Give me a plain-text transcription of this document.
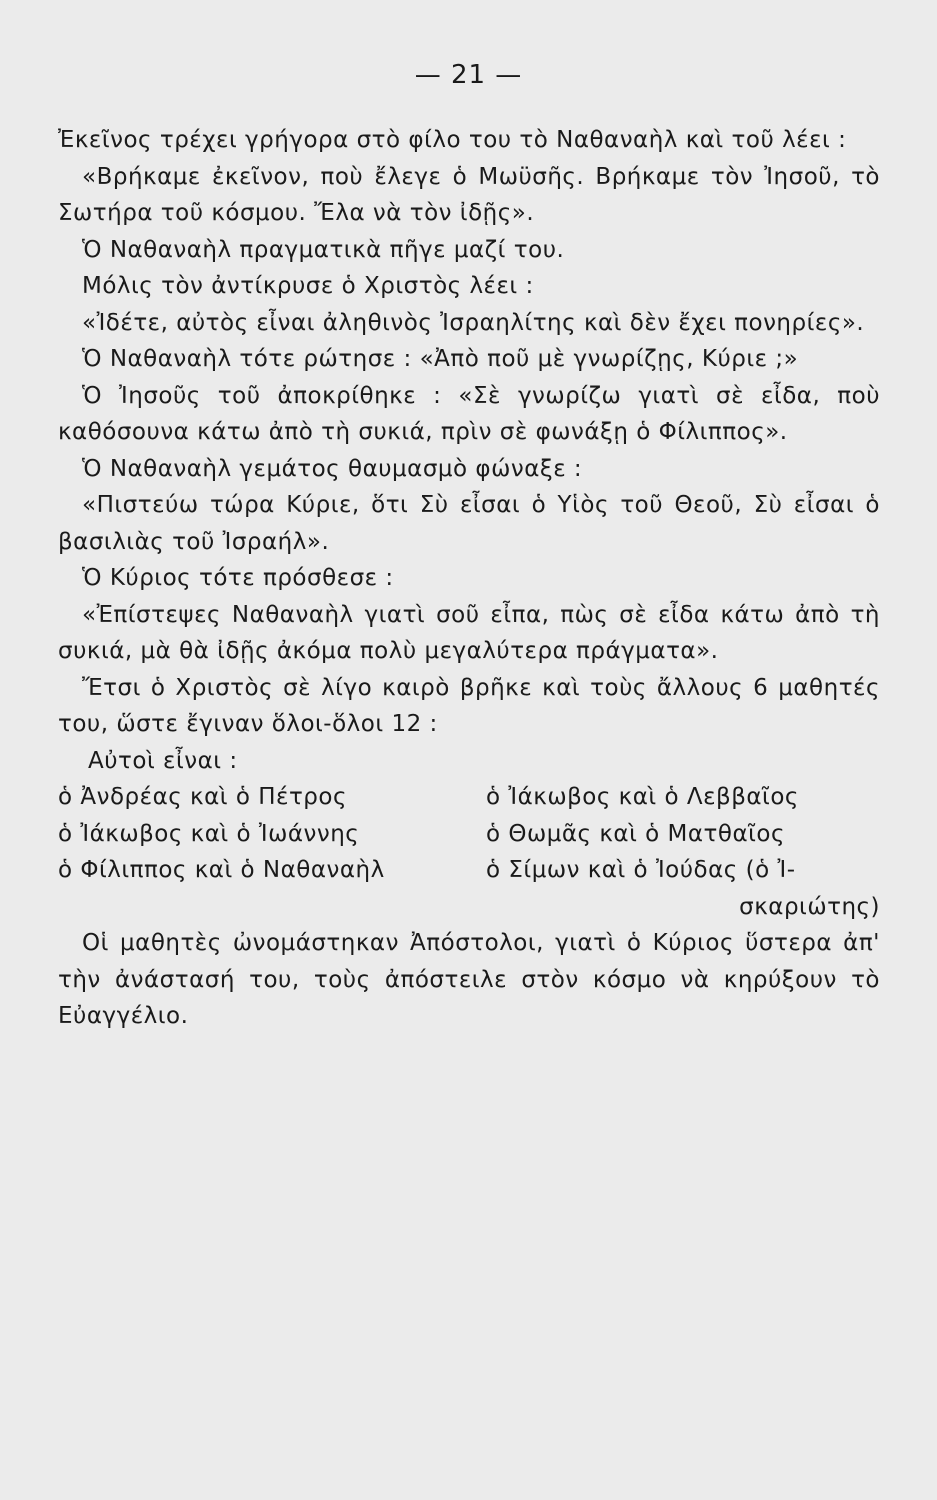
— 21 —

Ἐκεῖνος τρέχει γρήγορα στὸ φίλο του τὸ Ναθαναὴλ καὶ τοῦ λέει :

«Βρήκαμε ἐκεῖνον, ποὺ ἔλεγε ὁ Μωϋσῆς. Βρήκαμε τὸν Ἰησοῦ, τὸ Σωτήρα τοῦ κόσμου. Ἔλα νὰ τὸν ἰδῇς».

Ὁ Ναθαναὴλ πραγματικὰ πῆγε μαζί του.

Μόλις τὸν ἀντίκρυσε ὁ Χριστὸς λέει :

«Ἰδέτε, αὐτὸς εἶναι ἀληθινὸς Ἰσραηλίτης καὶ δὲν ἔχει πονηρίες».

Ὁ Ναθαναὴλ τότε ρώτησε : «Ἀπὸ ποῦ μὲ γνωρίζῃς, Κύριε ;»

Ὁ Ἰησοῦς τοῦ ἀποκρίθηκε : «Σὲ γνωρίζω γιατὶ σὲ εἶδα, ποὺ καθόσουνα κάτω ἀπὸ τὴ συκιά, πρὶν σὲ φωνάξῃ ὁ Φίλιππος».

Ὁ Ναθαναὴλ γεμάτος θαυμασμὸ φώναξε :

«Πιστεύω τώρα Κύριε, ὅτι Σὺ εἶσαι ὁ Υἱὸς τοῦ Θεοῦ, Σὺ εἶσαι ὁ βασιλιὰς τοῦ Ἰσραήλ».

Ὁ Κύριος τότε πρόσθεσε :

«Ἐπίστεψες Ναθαναὴλ γιατὶ σοῦ εἶπα, πὼς σὲ εἶδα κάτω ἀπὸ τὴ συκιά, μὰ θὰ ἰδῇς ἀκόμα πολὺ μεγαλύτερα πράγματα».

Ἔτσι ὁ Χριστὸς σὲ λίγο καιρὸ βρῆκε καὶ τοὺς ἄλλους 6 μαθητές του, ὥστε ἔγιναν ὅλοι-ὅλοι 12 :

Αὐτοὶ εἶναι :

ὁ Ἀνδρέας καὶ ὁ Πέτρος	ὁ Ἰάκωβος καὶ ὁ Λεββαῖος
ὁ Ἰάκωβος καὶ ὁ Ἰωάννης	ὁ Θωμᾶς καὶ ὁ Ματθαῖος
ὁ Φίλιππος καὶ ὁ Ναθαναὴλ	ὁ Σίμων καὶ ὁ Ἰούδας (ὁ Ἰ-
σκαριώτης)

Οἱ μαθητὲς ὠνομάστηκαν Ἀπόστολοι, γιατὶ ὁ Κύριος ὕστερα ἀπ' τὴν ἀνάστασή του, τοὺς ἀπόστειλε στὸν κόσμο νὰ κηρύξουν τὸ Εὐαγγέλιο.
